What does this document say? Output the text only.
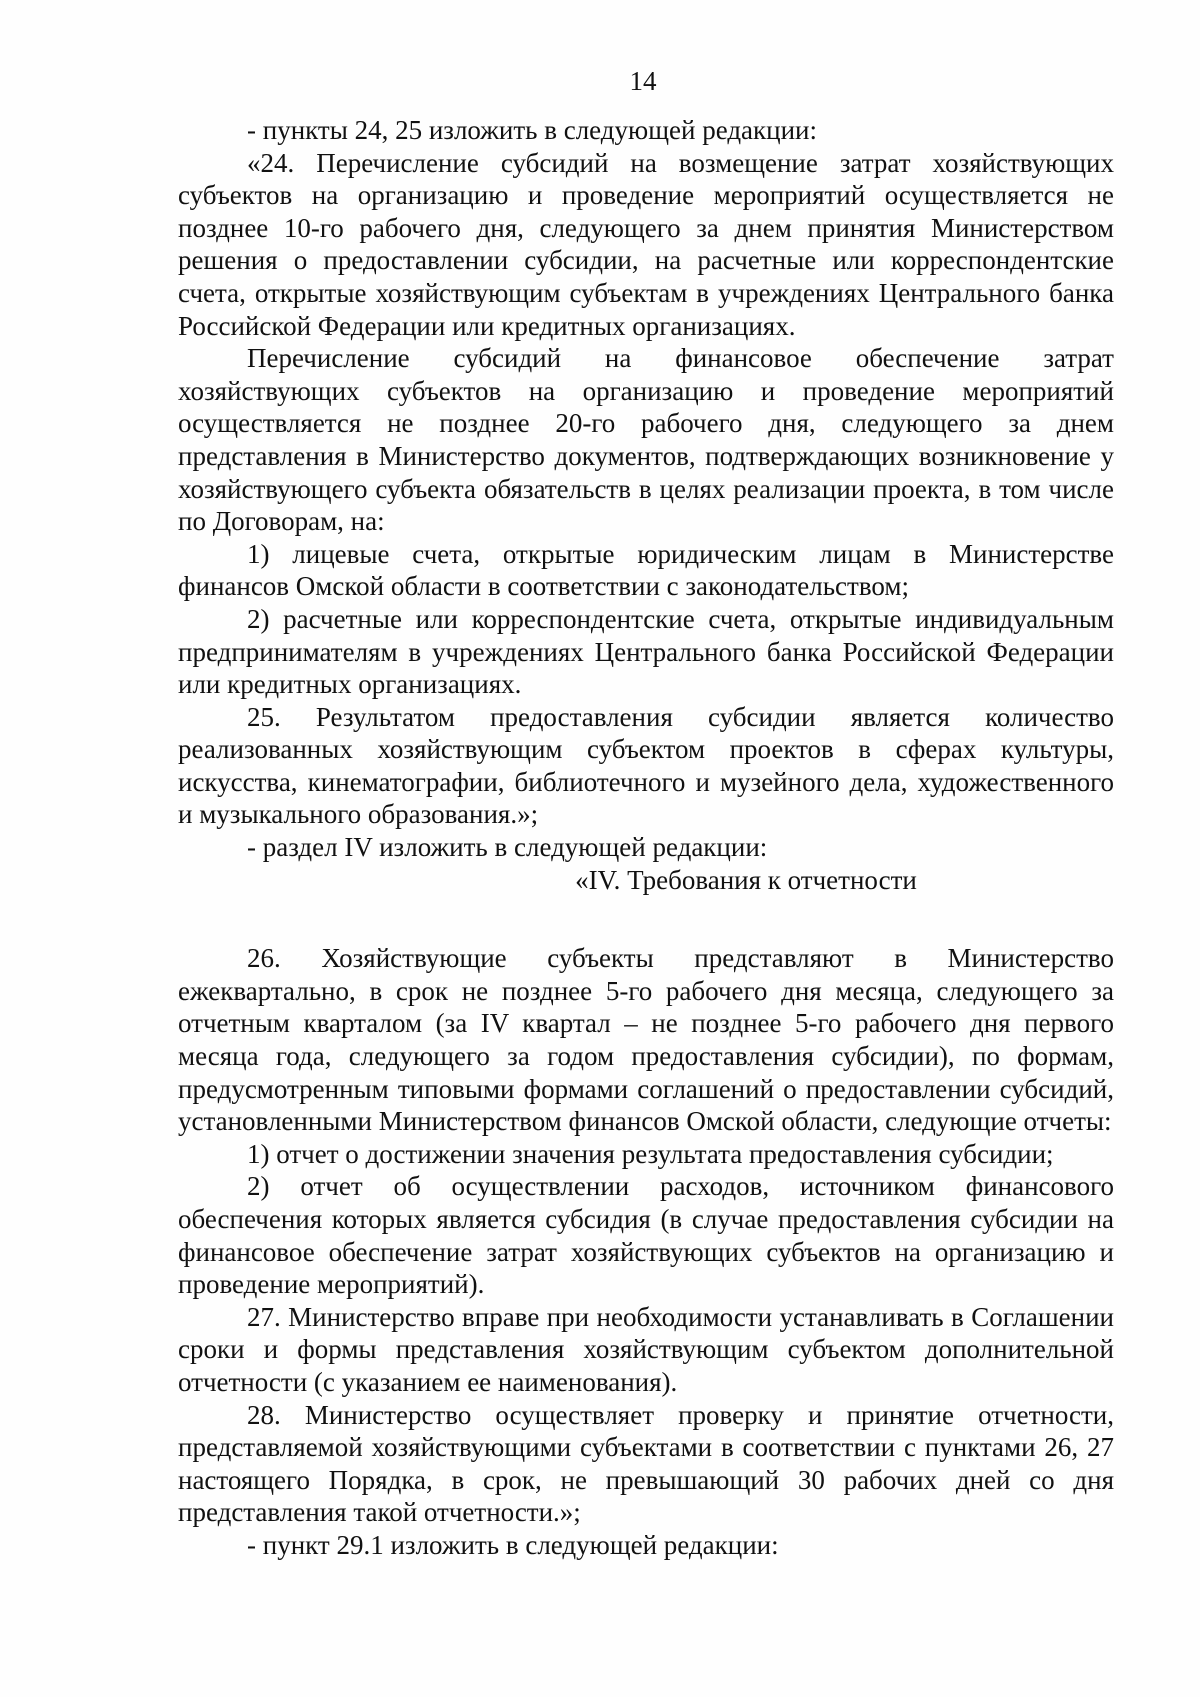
14

- пункты 24, 25 изложить в следующей редакции:

«24. Перечисление субсидий на возмещение затрат хозяйствующих субъектов на организацию и проведение мероприятий осуществляется не позднее 10-го рабочего дня, следующего за днем принятия Министерством решения о предоставлении субсидии, на расчетные или корреспондентские счета, открытые хозяйствующим субъектам в учреждениях Центрального банка Российской Федерации или кредитных организациях.

Перечисление субсидий на финансовое обеспечение затрат хозяйствующих субъектов на организацию и проведение мероприятий осуществляется не позднее 20-го рабочего дня, следующего за днем представления в Министерство документов, подтверждающих возникновение у хозяйствующего субъекта обязательств в целях реализации проекта, в том числе по Договорам, на:

1) лицевые счета, открытые юридическим лицам в Министерстве финансов Омской области в соответствии с законодательством;

2) расчетные или корреспондентские счета, открытые индивидуальным предпринимателям в учреждениях Центрального банка Российской Федерации или кредитных организациях.

25. Результатом предоставления субсидии является количество реализованных хозяйствующим субъектом проектов в сферах культуры, искусства, кинематографии, библиотечного и музейного дела, художественного и музыкального образования.»;

- раздел IV изложить в следующей редакции:

«IV. Требования к отчетности

26. Хозяйствующие субъекты представляют в Министерство ежеквартально, в срок не позднее 5-го рабочего дня месяца, следующего за отчетным кварталом (за IV квартал – не позднее 5-го рабочего дня первого месяца года, следующего за годом предоставления субсидии), по формам, предусмотренным типовыми формами соглашений о предоставлении субсидий, установленными Министерством финансов Омской области, следующие отчеты:

1) отчет о достижении значения результата предоставления субсидии;

2) отчет об осуществлении расходов, источником финансового обеспечения которых является субсидия (в случае предоставления субсидии на финансовое обеспечение затрат хозяйствующих субъектов на организацию и проведение мероприятий).

27. Министерство вправе при необходимости устанавливать в Соглашении сроки и формы представления хозяйствующим субъектом дополнительной отчетности (с указанием ее наименования).

28. Министерство осуществляет проверку и принятие отчетности, представляемой хозяйствующими субъектами в соответствии с пунктами 26, 27 настоящего Порядка, в срок, не превышающий 30 рабочих дней со дня представления такой отчетности.»;

- пункт 29.1 изложить в следующей редакции:
